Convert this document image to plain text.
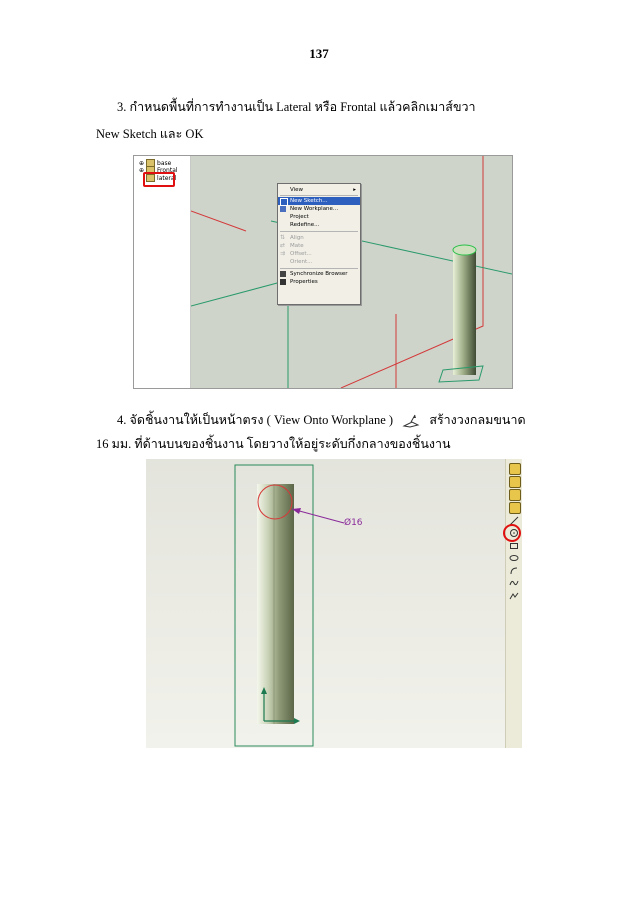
137
3. กำหนดพื้นที่การทำงานเป็น Lateral หรือ Frontal แล้วคลิกเมาส์ขวา
New Sketch และ OK
⊕ base
⊕ Frontal
lateral
View	▸
New Sketch...
New Workplane...
Project
Redefine...
⇅ Align
⇄ Mate
⇉ Offset...
Orient...
Synchronize Browser
Properties
4. จัดชิ้นงานให้เป็นหน้าตรง ( View Onto Workplane )	สร้างวงกลมขนาด
16 มม. ที่ด้านบนของชิ้นงาน โดยวางให้อยู่ระดับกึ่งกลางของชิ้นงาน
Ø16
